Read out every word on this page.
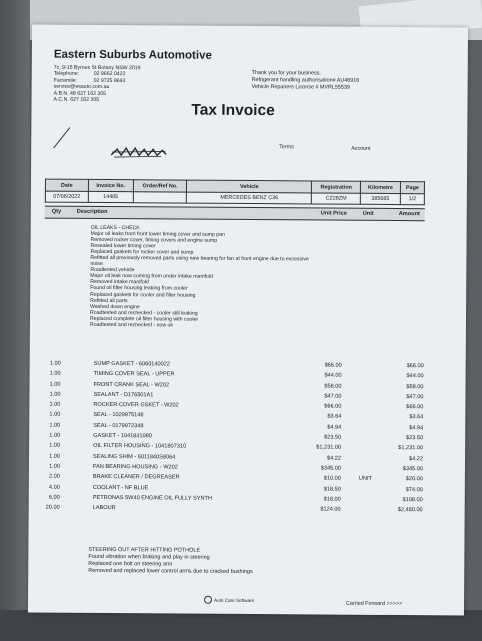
Eastern Suburbs Automotive
7c, 9-15 Byrnes St Botany NSW 2019
Telephone:	02 9662 0423
Facsimile:	02 9725 8693
service@esauto.com.au
A.B.N. 48 627 162 305
A.C.N. 627 162 305
Thank you for your business.
Refrigerant handling authorisation# AU46916
Vehicle Repairers License # MVRL55539
Tax Invoice
Terms	Account
Date	Invoice No.	Order/Ref No.	Vehicle	Registration	Kilometre	Page
07/06/2022	14485		MERCEDES BENZ C36	CZ28ZM	385685	1/2
Qty	Description	Unit Price	Unit	Amount
OIL LEAKS - CHECK
Major oil leaks from front lower timing cover and sump pan
Removed rocker cover, timing covers and engine sump
Resealed lower timing cover
Replaced gaskets for rocker cover and sump
Refitted all previously removed parts using new bearing for fan at front engine due to excessive
noise
Roadtested vehicle
Major oil leak now coming from under intake manifold
Removed intake manifold
Found oil filter housing leaking from cooler
Replaced gaskets for cooler and filter housing
Refitted all parts
Washed down engine
Roadtested and rechecked - cooler still leaking
Replaced complete oil filter housing with cooler
Roadtested and rechecked - now ok
1.00	SUMP GASKET - 6060140022	$66.00	$66.00
1.00	TIMING COVER SEAL - UPPER	$44.00	$44.00
1.00	FRONT CRANK SEAL - W202	$58.00	$58.00
1.00	SEALANT - D176501A1	$47.00	$47.00
1.00	ROCKER COVER GSKET - W202	$66.00	$66.00
1.00	SEAL - 1029975148	$3.64	$3.64
1.00	SEAL - 0179972348	$4.94	$4.94
1.00	GASKET - 1041841080	$23.50	$23.50
1.00	OIL FILTER HOUSING - 1041807310	$1,231.00	$1,231.00
1.00	SEALING SHIM - 6011840S8064	$4.22	$4.22
1.00	FAN BEARING HOUSING - W202	$345.00	$345.00
2.00	BRAKE CLEANER / DEGREASER	$10.00	UNIT	$20.00
4.00	COOLANT - NF BLUE	$18.50	$74.00
6.00	PETRONAS 5W40 ENGINE OIL FULLY SYNTH	$18.00	$108.00
20.00	LABOUR	$124.00	$2,480.00
STEERING OUT AFTER HITTING POTHOLE
Found vibration when braking and play in steering
Replaced one bolt on steering arm
Removed and replaced lower control arms due to cracked bushings
Auto Care Software
Carried Forward >>>>>
